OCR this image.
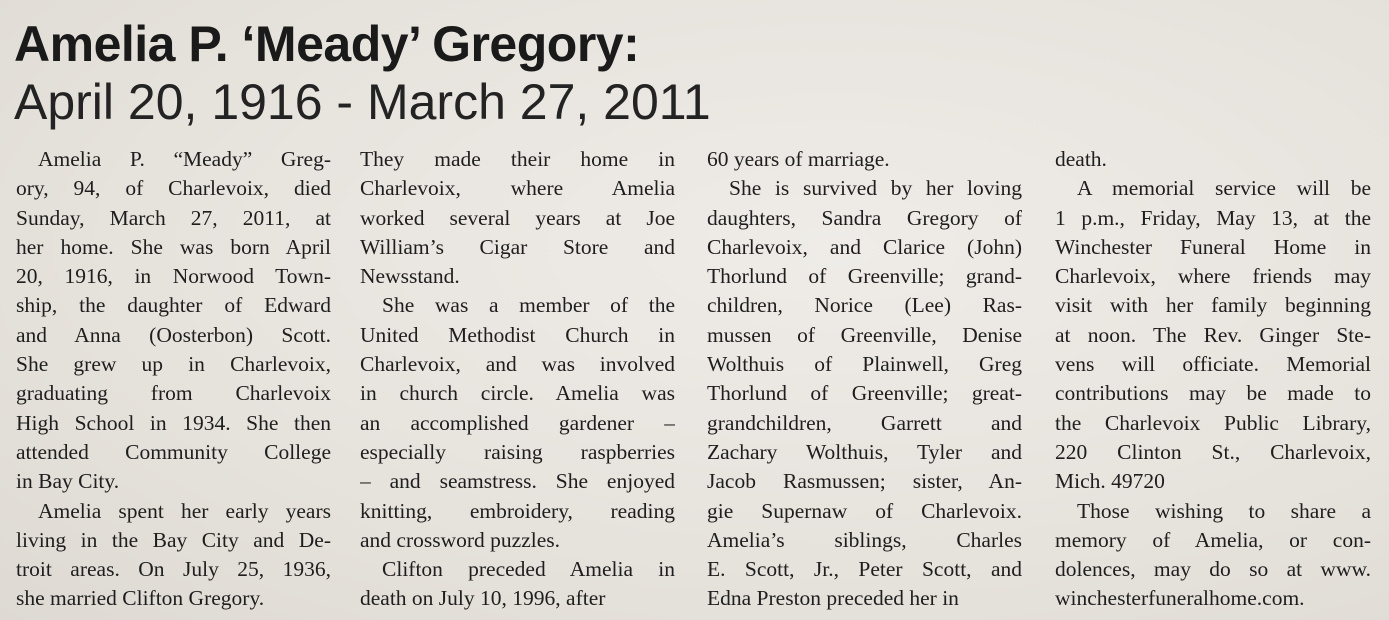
Amelia P. ‘Meady’ Gregory:
April 20, 1916 - March 27, 2011
Amelia P. “Meady” Greg-
ory, 94, of Charlevoix, died
Sunday, March 27, 2011, at
her home. She was born April
20, 1916, in Norwood Town-
ship, the daughter of Edward
and Anna (Oosterbon) Scott.
She grew up in Charlevoix,
graduating from Charlevoix
High School in 1934. She then
attended Community College
in Bay City.
Amelia spent her early years
living in the Bay City and De-
troit areas. On July 25, 1936,
she married Clifton Gregory.
They made their home in
Charlevoix, where Amelia
worked several years at Joe
William’s Cigar Store and
Newsstand.
She was a member of the
United Methodist Church in
Charlevoix, and was involved
in church circle. Amelia was
an accomplished gardener –
especially raising raspberries
– and seamstress. She enjoyed
knitting, embroidery, reading
and crossword puzzles.
Clifton preceded Amelia in
death on July 10, 1996, after
60 years of marriage.
She is survived by her loving
daughters, Sandra Gregory of
Charlevoix, and Clarice (John)
Thorlund of Greenville; grand-
children, Norice (Lee) Ras-
mussen of Greenville, Denise
Wolthuis of Plainwell, Greg
Thorlund of Greenville; great-
grandchildren, Garrett and
Zachary Wolthuis, Tyler and
Jacob Rasmussen; sister, An-
gie Supernaw of Charlevoix.
Amelia’s siblings, Charles
E. Scott, Jr., Peter Scott, and
Edna Preston preceded her in
death.
A memorial service will be
1 p.m., Friday, May 13, at the
Winchester Funeral Home in
Charlevoix, where friends may
visit with her family beginning
at noon. The Rev. Ginger Ste-
vens will officiate. Memorial
contributions may be made to
the Charlevoix Public Library,
220 Clinton St., Charlevoix,
Mich. 49720
Those wishing to share a
memory of Amelia, or con-
dolences, may do so at www.
winchesterfuneralhome.com.
